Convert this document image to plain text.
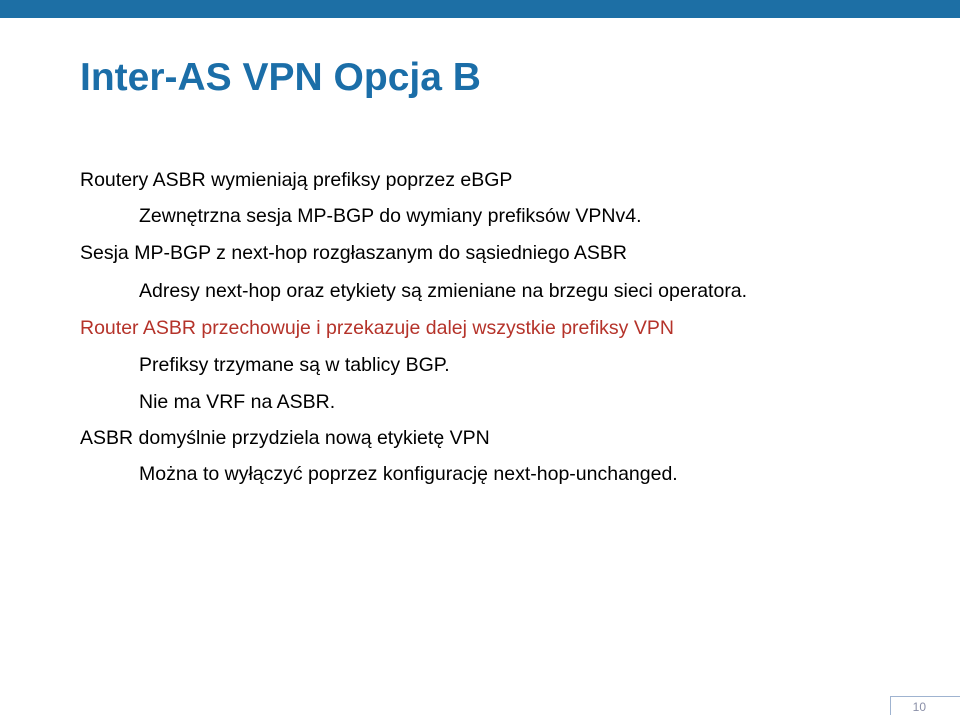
Inter-AS VPN Opcja B
Routery ASBR wymieniają prefiksy poprzez eBGP
Zewnętrzna sesja MP-BGP do wymiany prefiksów VPNv4.
Sesja MP-BGP z next-hop rozgłaszanym do sąsiedniego ASBR
Adresy next-hop oraz etykiety są zmieniane na brzegu sieci operatora.
Router ASBR przechowuje i przekazuje dalej wszystkie prefiksy VPN
Prefiksy trzymane są w tablicy BGP.
Nie ma VRF na ASBR.
ASBR domyślnie przydziela nową etykietę VPN
Można to wyłączyć poprzez konfigurację next-hop-unchanged.
10
